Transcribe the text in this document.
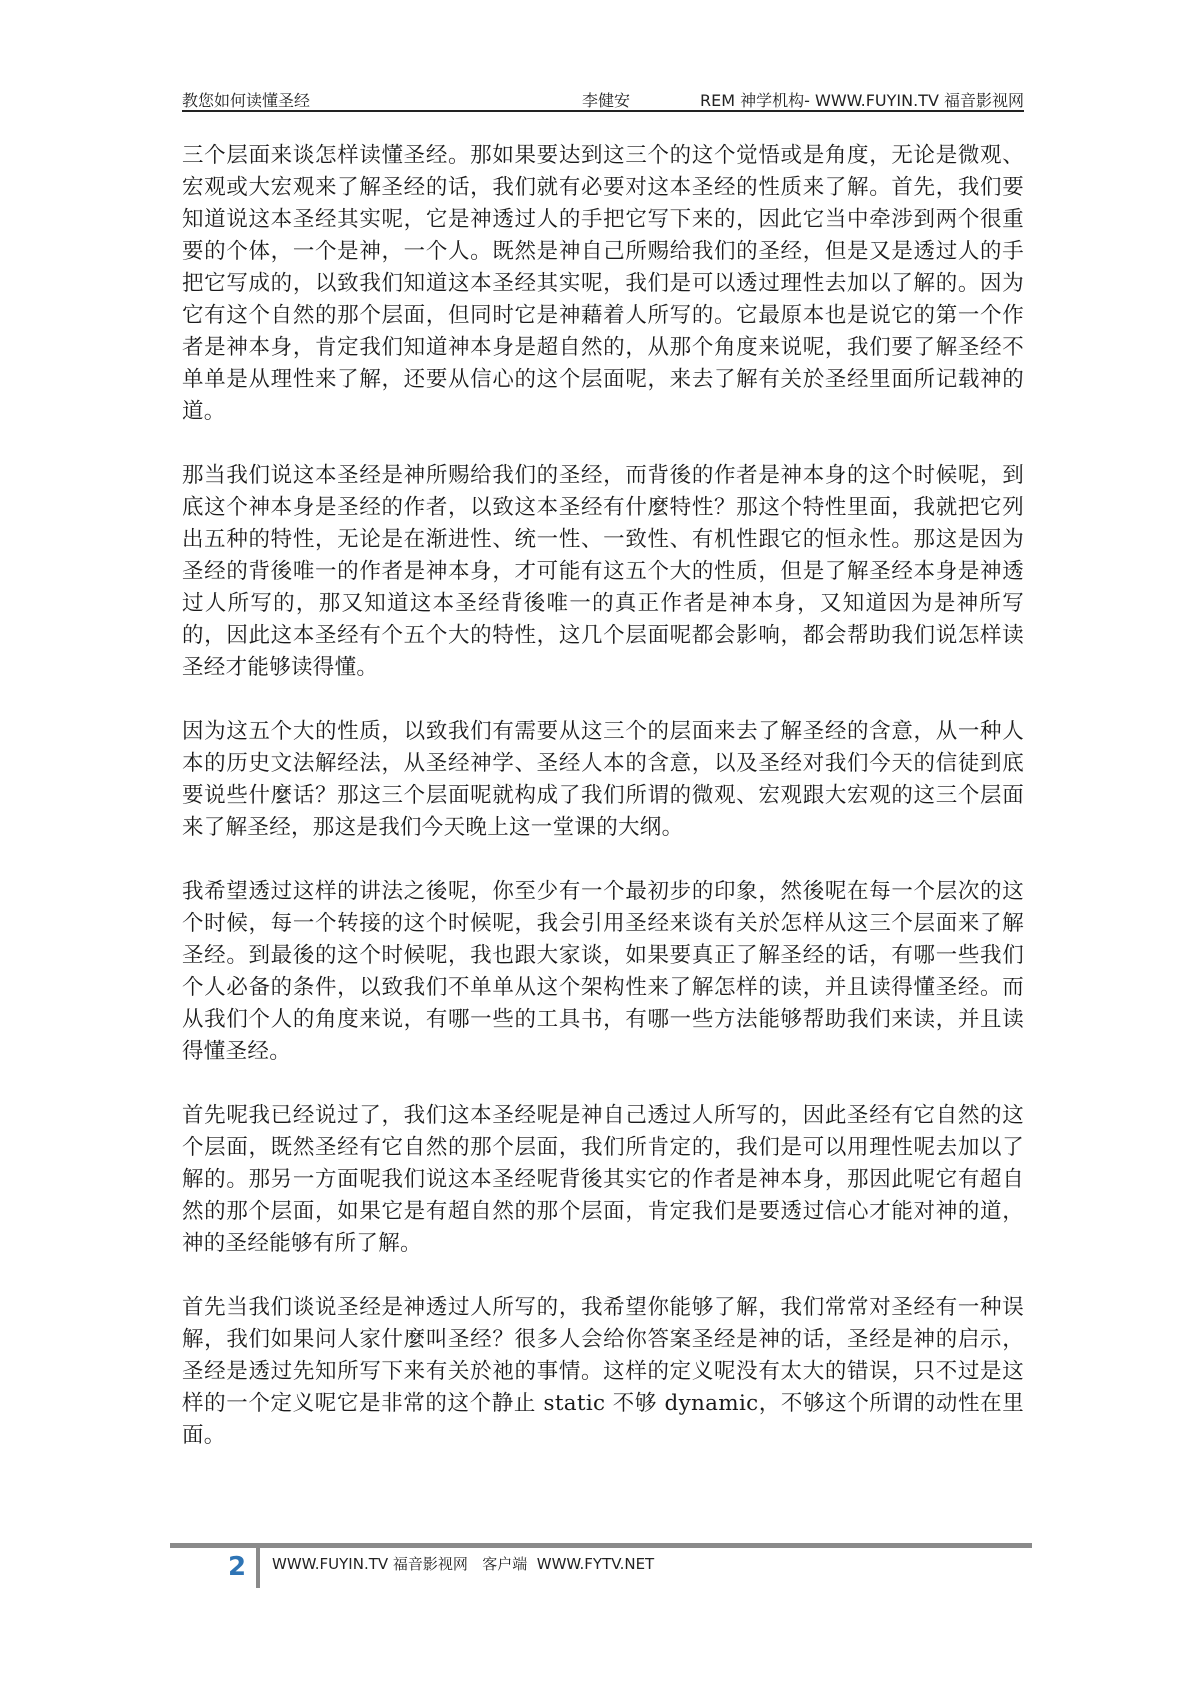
教您如何读懂圣经	李健安	REM 神学机构- WWW.FUYIN.TV 福音影视网

三个层面来谈怎样读懂圣经。那如果要达到这三个的这个觉悟或是角度，无论是微观、宏观或大宏观来了解圣经的话，我们就有必要对这本圣经的性质来了解。首先，我们要知道说这本圣经其实呢，它是神透过人的手把它写下来的，因此它当中牵涉到两个很重要的个体，一个是神，一个人。既然是神自己所赐给我们的圣经，但是又是透过人的手把它写成的，以致我们知道这本圣经其实呢，我们是可以透过理性去加以了解的。因为它有这个自然的那个层面，但同时它是神藉着人所写的。它最原本也是说它的第一个作者是神本身，肯定我们知道神本身是超自然的，从那个角度来说呢，我们要了解圣经不单单是从理性来了解，还要从信心的这个层面呢，来去了解有关於圣经里面所记载神的道。

那当我们说这本圣经是神所赐给我们的圣经，而背後的作者是神本身的这个时候呢，到底这个神本身是圣经的作者，以致这本圣经有什麼特性？那这个特性里面，我就把它列出五种的特性，无论是在渐进性、统一性、一致性、有机性跟它的恒永性。那这是因为圣经的背後唯一的作者是神本身，才可能有这五个大的性质，但是了解圣经本身是神透过人所写的，那又知道这本圣经背後唯一的真正作者是神本身，又知道因为是神所写的，因此这本圣经有个五个大的特性，这几个层面呢都会影响，都会帮助我们说怎样读圣经才能够读得懂。

因为这五个大的性质，以致我们有需要从这三个的层面来去了解圣经的含意，从一种人本的历史文法解经法，从圣经神学、圣经人本的含意，以及圣经对我们今天的信徒到底要说些什麼话？那这三个层面呢就构成了我们所谓的微观、宏观跟大宏观的这三个层面来了解圣经，那这是我们今天晚上这一堂课的大纲。

我希望透过这样的讲法之後呢，你至少有一个最初步的印象，然後呢在每一个层次的这个时候，每一个转接的这个时候呢，我会引用圣经来谈有关於怎样从这三个层面来了解圣经。到最後的这个时候呢，我也跟大家谈，如果要真正了解圣经的话，有哪一些我们个人必备的条件，以致我们不单单从这个架构性来了解怎样的读，并且读得懂圣经。而从我们个人的角度来说，有哪一些的工具书，有哪一些方法能够帮助我们来读，并且读得懂圣经。

首先呢我已经说过了，我们这本圣经呢是神自己透过人所写的，因此圣经有它自然的这个层面，既然圣经有它自然的那个层面，我们所肯定的，我们是可以用理性呢去加以了解的。那另一方面呢我们说这本圣经呢背後其实它的作者是神本身，那因此呢它有超自然的那个层面，如果它是有超自然的那个层面，肯定我们是要透过信心才能对神的道，神的圣经能够有所了解。

首先当我们谈说圣经是神透过人所写的，我希望你能够了解，我们常常对圣经有一种误解，我们如果问人家什麼叫圣经？很多人会给你答案圣经是神的话，圣经是神的启示，圣经是透过先知所写下来有关於祂的事情。这样的定义呢没有太大的错误，只不过是这样的一个定义呢它是非常的这个静止 static 不够 dynamic，不够这个所谓的动性在里面。

2 WWW.FUYIN.TV 福音影视网   客户端  WWW.FYTV.NET
